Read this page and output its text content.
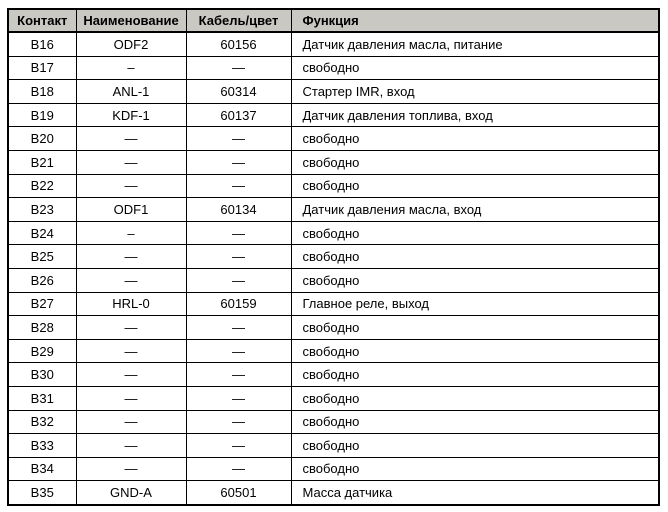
Контакт	Наименование	Кабель/цвет	Функция
B16	ODF2	60156	Датчик давления масла, питание
B17	–	—	свободно
B18	ANL-1	60314	Стартер IMR, вход
B19	KDF-1	60137	Датчик давления топлива, вход
B20	—	—	свободно
B21	—	—	свободно
B22	—	—	свободно
B23	ODF1	60134	Датчик давления масла, вход
B24	–	—	свободно
B25	—	—	свободно
B26	—	—	свободно
B27	HRL-0	60159	Главное реле, выход
B28	—	—	свободно
B29	—	—	свободно
B30	—	—	свободно
B31	—	—	свободно
B32	—	—	свободно
B33	—	—	свободно
B34	—	—	свободно
B35	GND-A	60501	Масса датчика
